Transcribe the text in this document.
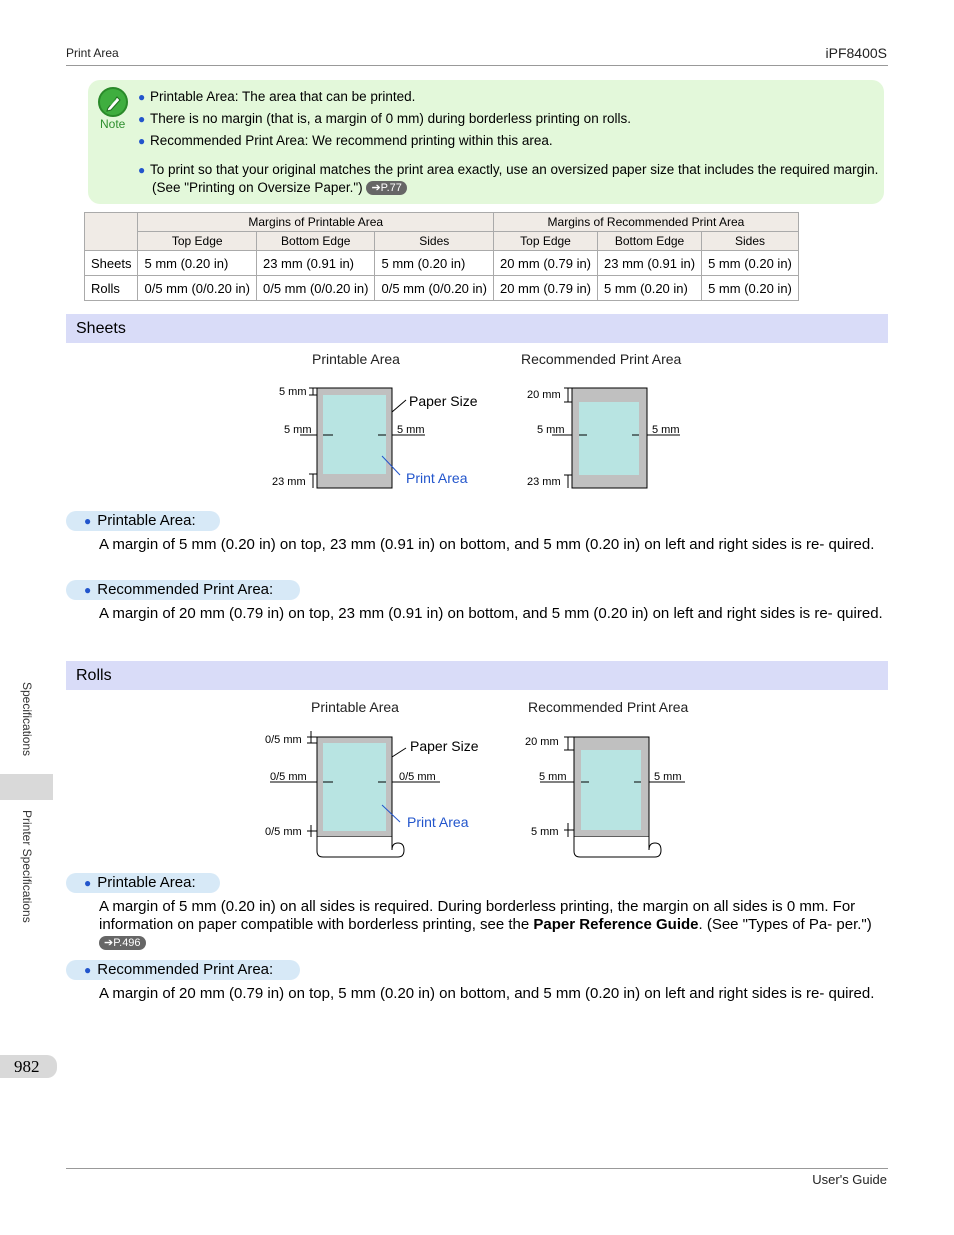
Print Area	iPF8400S
Note
● Printable Area: The area that can be printed.
● There is no margin (that is, a margin of 0 mm) during borderless printing on rolls.
● Recommended Print Area: We recommend printing within this area.
● To print so that your original matches the print area exactly, use an oversized paper size that includes the required margin.
(See "Printing on Oversize Paper.") ➔P.77
	Margins of Printable Area			Margins of Recommended Print Area		
	Top Edge	Bottom Edge	Sides	Top Edge	Bottom Edge	Sides
Sheets	5 mm (0.20 in)	23 mm (0.91 in)	5 mm (0.20 in)	20 mm (0.79 in)	23 mm (0.91 in)	5 mm (0.20 in)
Rolls	0/5 mm (0/0.20 in)	0/5 mm (0/0.20 in)	0/5 mm (0/0.20 in)	20 mm (0.79 in)	5 mm (0.20 in)	5 mm (0.20 in)
Sheets
Printable Area	Recommended Print Area
5 mm
5 mm	5 mm
23 mm
Paper Size
Print Area
20 mm
5 mm	5 mm
23 mm
0/5 mm
0/5 mm	0/5 mm
0/5 mm
Paper Size
Print Area
20 mm
5 mm	5 mm
5 mm
● Printable Area:
A margin of 5 mm (0.20 in) on top, 23 mm (0.91 in) on bottom, and 5 mm (0.20 in) on left and right sides is re- quired.
● Recommended Print Area:
A margin of 20 mm (0.79 in) on top, 23 mm (0.91 in) on bottom, and 5 mm (0.20 in) on left and right sides is re- quired.
Rolls
Printable Area	Recommended Print Area
● Printable Area:
A margin of 5 mm (0.20 in) on all sides is required. During borderless printing, the margin on all sides is 0 mm. For information on paper compatible with borderless printing, see the Paper Reference Guide. (See "Types of Pa- per.") ➔P.496
● Recommended Print Area:
A margin of 20 mm (0.79 in) on top, 5 mm (0.20 in) on bottom, and 5 mm (0.20 in) on left and right sides is re- quired.
Specifications
Printer Specifications
982
User's Guide
